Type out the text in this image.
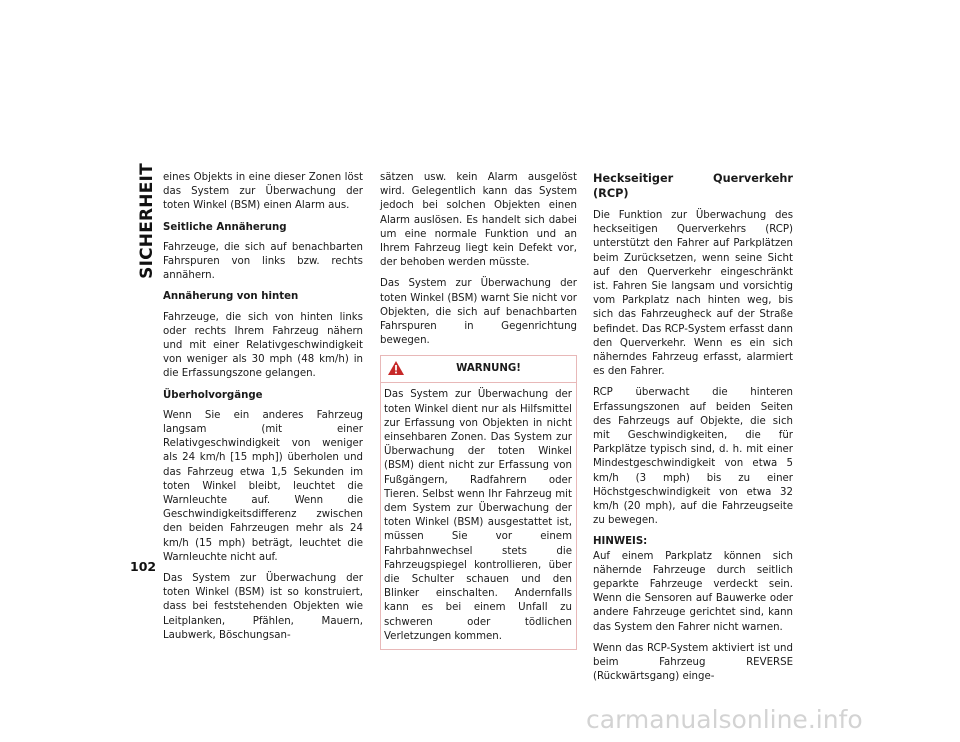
SICHERHEIT
102

eines Objekts in eine dieser Zonen löst das System zur Überwachung der toten Winkel (BSM) einen Alarm aus.

Seitliche Annäherung

Fahrzeuge, die sich auf benachbarten Fahrspuren von links bzw. rechts annähern.

Annäherung von hinten

Fahrzeuge, die sich von hinten links oder rechts Ihrem Fahrzeug nähern und mit einer Relativgeschwindigkeit von weniger als 30 mph (48 km/h) in die Erfassungszone gelangen.

Überholvorgänge

Wenn Sie ein anderes Fahrzeug langsam (mit einer Relativgeschwindigkeit von weniger als 24 km/h [15 mph]) überholen und das Fahrzeug etwa 1,5 Sekunden im toten Winkel bleibt, leuchtet die Warnleuchte auf. Wenn die Geschwindigkeitsdifferenz zwischen den beiden Fahrzeugen mehr als 24 km/h (15 mph) beträgt, leuchtet die Warnleuchte nicht auf.

Das System zur Überwachung der toten Winkel (BSM) ist so konstruiert, dass bei feststehenden Objekten wie Leitplanken, Pfählen, Mauern, Laubwerk, Böschungsan-

sätzen usw. kein Alarm ausgelöst wird. Gelegentlich kann das System jedoch bei solchen Objekten einen Alarm auslösen. Es handelt sich dabei um eine normale Funktion und an Ihrem Fahrzeug liegt kein Defekt vor, der behoben werden müsste.

Das System zur Überwachung der toten Winkel (BSM) warnt Sie nicht vor Objekten, die sich auf benachbarten Fahrspuren in Gegenrichtung bewegen.

WARNUNG!
Das System zur Überwachung der toten Winkel dient nur als Hilfsmittel zur Erfassung von Objekten in nicht einsehbaren Zonen. Das System zur Überwachung der toten Winkel (BSM) dient nicht zur Erfassung von Fußgängern, Radfahrern oder Tieren. Selbst wenn Ihr Fahrzeug mit dem System zur Überwachung der toten Winkel (BSM) ausgestattet ist, müssen Sie vor einem Fahrbahnwechsel stets die Fahrzeugspiegel kontrollieren, über die Schulter schauen und den Blinker einschalten. Andernfalls kann es bei einem Unfall zu schweren oder tödlichen Verletzungen kommen.
Heckseitiger Querverkehr (RCP)

Die Funktion zur Überwachung des heckseitigen Querverkehrs (RCP) unterstützt den Fahrer auf Parkplätzen beim Zurücksetzen, wenn seine Sicht auf den Querverkehr eingeschränkt ist. Fahren Sie langsam und vorsichtig vom Parkplatz nach hinten weg, bis sich das Fahrzeugheck auf der Straße befindet. Das RCP-System erfasst dann den Querverkehr. Wenn es ein sich näherndes Fahrzeug erfasst, alarmiert es den Fahrer.

RCP überwacht die hinteren Erfassungszonen auf beiden Seiten des Fahrzeugs auf Objekte, die sich mit Geschwindigkeiten, die für Parkplätze typisch sind, d. h. mit einer Mindestgeschwindigkeit von etwa 5 km/h (3 mph) bis zu einer Höchstgeschwindigkeit von etwa 32 km/h (20 mph), auf die Fahrzeugseite zu bewegen.

HINWEIS:
Auf einem Parkplatz können sich nähernde Fahrzeuge durch seitlich geparkte Fahrzeuge verdeckt sein. Wenn die Sensoren auf Bauwerke oder andere Fahrzeuge gerichtet sind, kann das System den Fahrer nicht warnen.

Wenn das RCP-System aktiviert ist und beim Fahrzeug REVERSE (Rückwärtsgang) einge-

carmanualsonline.info
